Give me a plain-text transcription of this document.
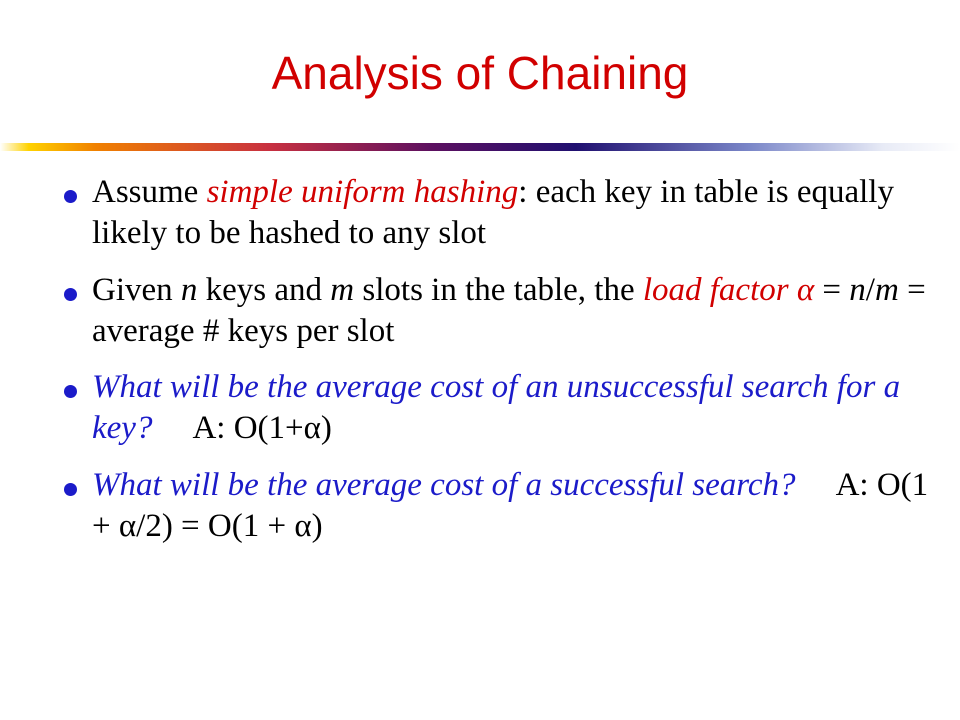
Analysis of Chaining
Assume simple uniform hashing: each key in table is equally likely to be hashed to any slot
Given n keys and m slots in the table, the load factor α = n/m = average # keys per slot
What will be the average cost of an unsuccessful search for a key? A: O(1+α)
What will be the average cost of a successful search? A: O(1 + α/2) = O(1 + α)
